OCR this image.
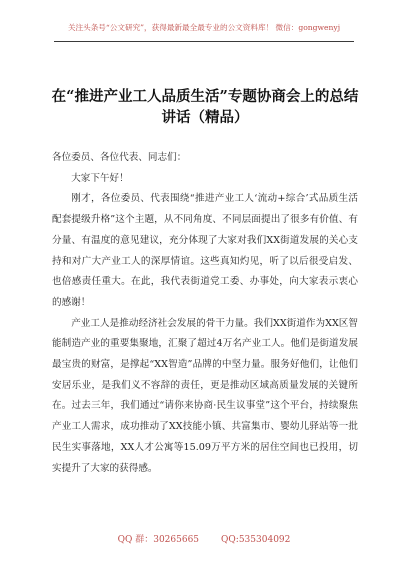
关注头条号“公文研究”，获得最新最全最专业的公文资料库！ 微信：gongwenyj
在“推进产业工人品质生活”专题协商会上的总结讲话（精品）

各位委员、各位代表、同志们：

大家下午好！

刚才，各位委员、代表围绕“推进产业工人‘流动+综合’式品质生活配套提级升格”这个主题，从不同角度、不同层面提出了很多有价值、有分量、有温度的意见建议，充分体现了大家对我们XX街道发展的关心支持和对广大产业工人的深厚情谊。这些真知灼见，听了以后很受启发、也倍感责任重大。在此，我代表街道党工委、办事处，向大家表示衷心的感谢！

产业工人是推动经济社会发展的骨干力量。我们XX街道作为XX区智能制造产业的重要集聚地，汇聚了超过4万名产业工人。他们是街道发展最宝贵的财富，是撑起“XX智造”品牌的中坚力量。服务好他们，让他们安居乐业，是我们义不容辞的责任，更是推动区域高质量发展的关键所在。过去三年，我们通过“请你来协商·民生议事堂”这个平台，持续聚焦产业工人需求，成功推动了XX技能小镇、共富集市、婴幼儿驿站等一批民生实事落地，XX人才公寓等15.09万平方米的居住空间也已投用，切实提升了大家的获得感。

QQ 群：30265665 QQ:535304092
